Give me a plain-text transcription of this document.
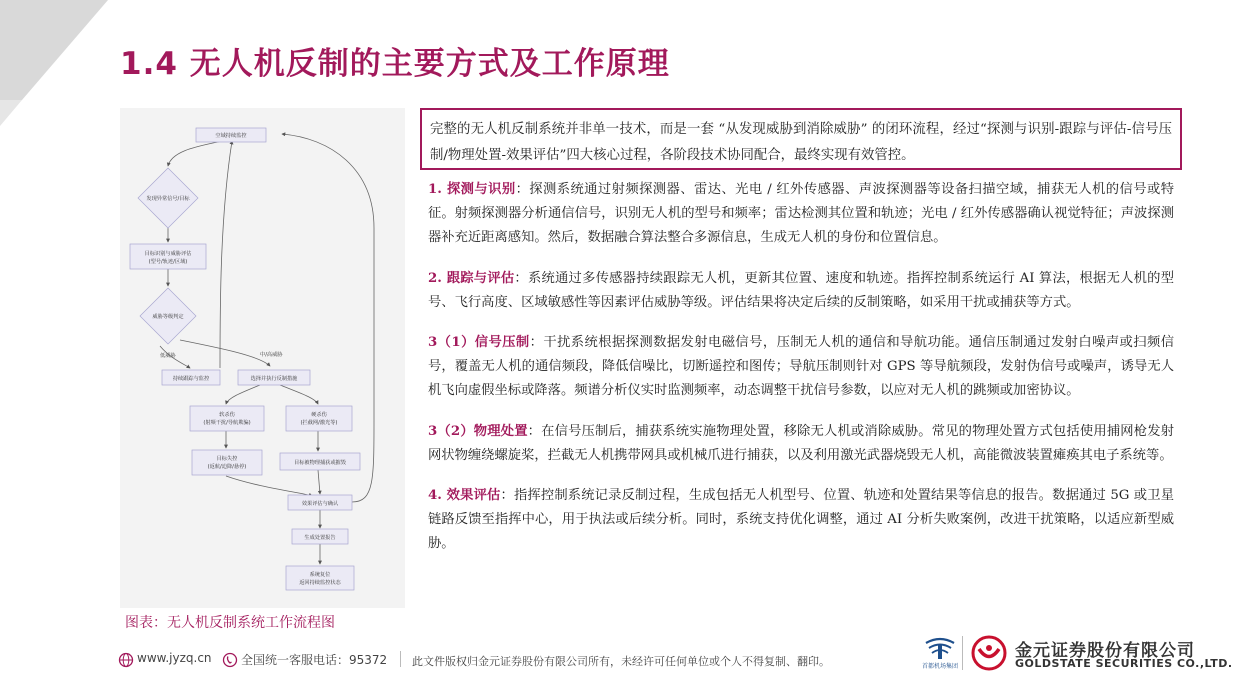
1.4 无人机反制的主要方式及工作原理
空域持续监控
发现异常信号/目标
目标识别与威胁评估
(型号/轨迹/区域)
威胁等级判定
低威胁	中/高威胁
持续跟踪与监控	选择并执行反制措施
软杀伤
(射频干扰/导航欺骗)
硬杀伤
(拦截网/激光等)
目标失控
(返航/迫降/悬停)
目标被物理捕获或摧毁
效果评估与确认
生成处置报告
系统复位
返回持续监控状态
图表：无人机反制系统工作流程图
完整的无人机反制系统并非单一技术，而是一套 “从发现威胁到消除威胁” 的闭环流程，经过“探测与识别-跟踪与评估-信号压制/物理处置-效果评估”四大核心过程，各阶段技术协同配合，最终实现有效管控。

1. 探测与识别：探测系统通过射频探测器、雷达、光电 / 红外传感器、声波探测器等设备扫描空域，捕获无人机的信号或特征。射频探测器分析通信信号，识别无人机的型号和频率；雷达检测其位置和轨迹；光电 / 红外传感器确认视觉特征；声波探测器补充近距离感知。然后，数据融合算法整合多源信息，生成无人机的身份和位置信息。

2. 跟踪与评估：系统通过多传感器持续跟踪无人机，更新其位置、速度和轨迹。指挥控制系统运行 AI 算法，根据无人机的型号、飞行高度、区域敏感性等因素评估威胁等级。评估结果将决定后续的反制策略，如采用干扰或捕获等方式。

3（1）信号压制：干扰系统根据探测数据发射电磁信号，压制无人机的通信和导航功能。通信压制通过发射白噪声或扫频信号，覆盖无人机的通信频段，降低信噪比，切断遥控和图传；导航压制则针对 GPS 等导航频段，发射伪信号或噪声，诱导无人机飞向虚假坐标或降落。频谱分析仪实时监测频率，动态调整干扰信号参数，以应对无人机的跳频或加密协议。

3（2）物理处置：在信号压制后，捕获系统实施物理处置，移除无人机或消除威胁。常见的物理处置方式包括使用捕网枪发射网状物缠绕螺旋桨，拦截无人机携带网具或机械爪进行捕获，以及利用激光武器烧毁无人机，高能微波装置瘫痪其电子系统等。

4. 效果评估：指挥控制系统记录反制过程，生成包括无人机型号、位置、轨迹和处置结果等信息的报告。数据通过 5G 或卫星链路反馈至指挥中心，用于执法或后续分析。同时，系统支持优化调整，通过 AI 分析失败案例，改进干扰策略，以适应新型威胁。

www.jyzq.cn 全国统一客服电话：95372 此文件版权归金元证券股份有限公司所有，未经许可任何单位或个人不得复制、翻印。	首都机场集团
金元证券股份有限公司
GOLDSTATE SECURITIES CO.,LTD.
